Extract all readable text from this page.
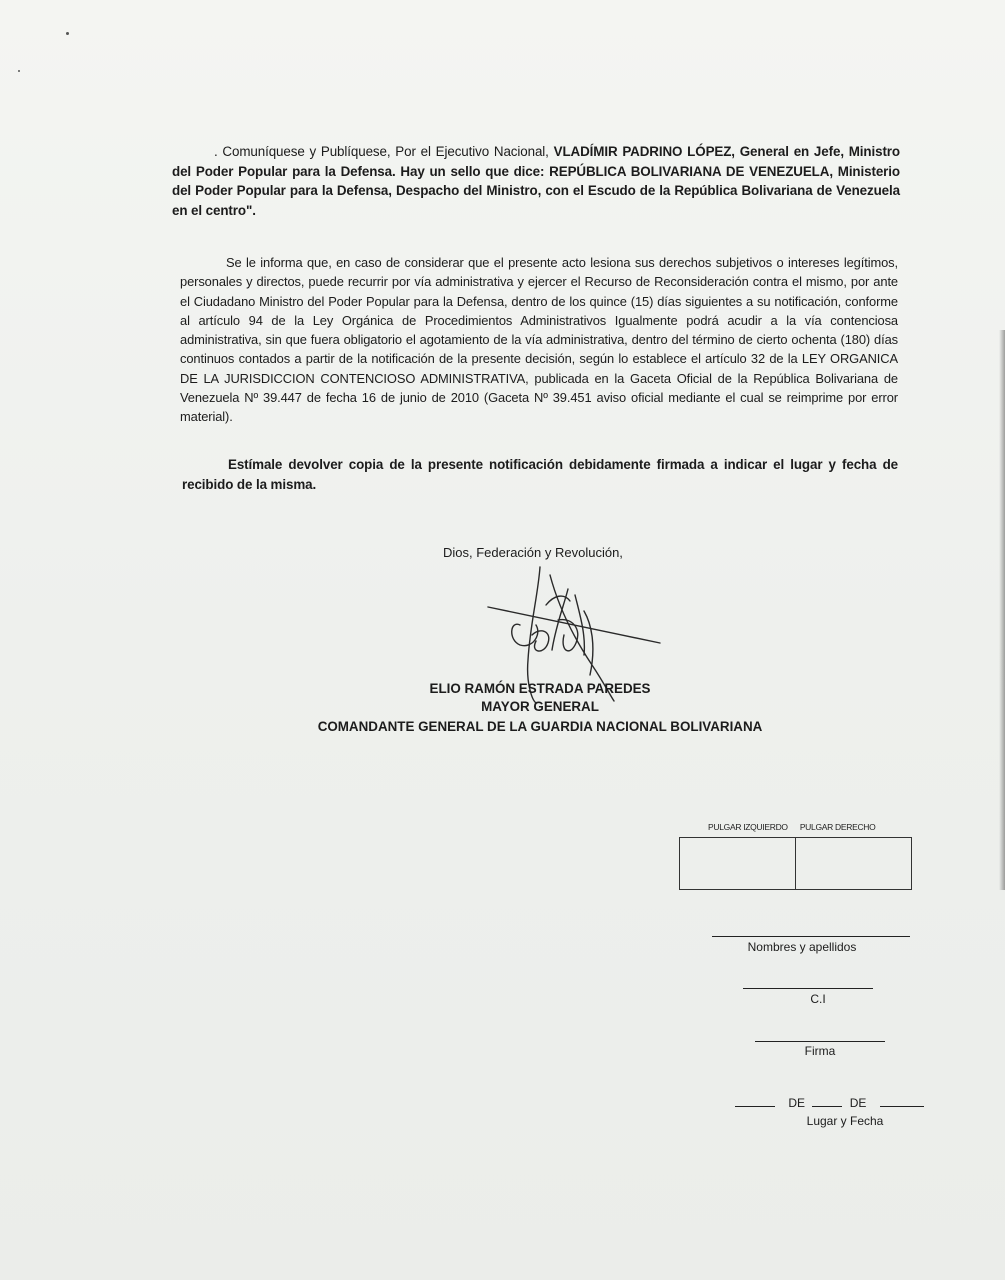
. Comuníquese y Publíquese, Por el Ejecutivo Nacional, VLADÍMIR PADRINO LÓPEZ, General en Jefe, Ministro del Poder Popular para la Defensa. Hay un sello que dice: REPÚBLICA BOLIVARIANA DE VENEZUELA, Ministerio del Poder Popular para la Defensa, Despacho del Ministro, con el Escudo de la República Bolivariana de Venezuela en el centro".

Se le informa que, en caso de considerar que el presente acto lesiona sus derechos subjetivos o intereses legítimos, personales y directos, puede recurrir por vía administrativa y ejercer el Recurso de Reconsideración contra el mismo, por ante el Ciudadano Ministro del Poder Popular para la Defensa, dentro de los quince (15) días siguientes a su notificación, conforme al artículo 94 de la Ley Orgánica de Procedimientos Administrativos Igualmente podrá acudir a la vía contenciosa administrativa, sin que fuera obligatorio el agotamiento de la vía administrativa, dentro del término de cierto ochenta (180) días continuos contados a partir de la notificación de la presente decisión, según lo establece el artículo 32 de la LEY ORGANICA DE LA JURISDICCION CONTENCIOSO ADMINISTRATIVA, publicada en la Gaceta Oficial de la República Bolivariana de Venezuela Nº 39.447 de fecha 16 de junio de 2010 (Gaceta Nº 39.451 aviso oficial mediante el cual se reimprime por error material).

Estímale devolver copia de la presente notificación debidamente firmada a indicar el lugar y fecha de recibido de la misma.

Dios, Federación y Revolución,
ELIO RAMÓN ESTRADA PAREDES
MAYOR GENERAL
COMANDANTE GENERAL DE LA GUARDIA NACIONAL BOLIVARIANA
PULGAR IZQUIERDO PULGAR DERECHO
Nombres y apellidos
C.I
Firma
DE	DE
Lugar y Fecha
